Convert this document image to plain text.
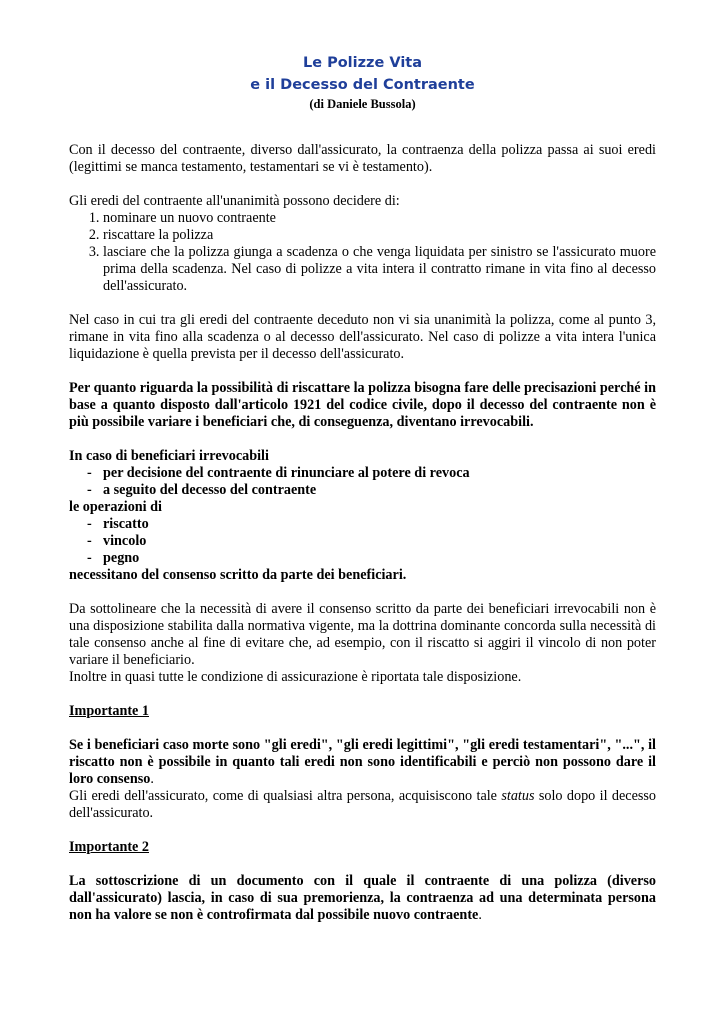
Le Polizze Vita
e il Decesso del Contraente
(di Daniele Bussola)

Con il decesso del contraente, diverso dall'assicurato, la contraenza della polizza passa ai suoi eredi (legittimi se manca testamento, testamentari se vi è testamento).

Gli eredi del contraente all'unanimità possono decidere di:

1. nominare un nuovo contraente
2. riscattare la polizza
3. lasciare che la polizza giunga a scadenza o che venga liquidata per sinistro se l'assicurato muore prima della scadenza. Nel caso di polizze a vita intera il contratto rimane in vita fino al decesso dell'assicurato.

Nel caso in cui tra gli eredi del contraente deceduto non vi sia unanimità la polizza, come al punto 3, rimane in vita fino alla scadenza o al decesso dell'assicurato. Nel caso di polizze a vita intera l'unica liquidazione è quella prevista per il decesso dell'assicurato.

Per quanto riguarda la possibilità di riscattare la polizza bisogna fare delle precisazioni perché in base a quanto disposto dall'articolo 1921 del codice civile, dopo il decesso del contraente non è più possibile variare i beneficiari che, di conseguenza, diventano irrevocabili.

In caso di beneficiari irrevocabili

- per decisione del contraente di rinunciare al potere di revoca
- a seguito del decesso del contraente

le operazioni di

- riscatto
- vincolo
- pegno

necessitano del consenso scritto da parte dei beneficiari.

Da sottolineare che la necessità di avere il consenso scritto da parte dei beneficiari irrevocabili non è una disposizione stabilita dalla normativa vigente, ma la dottrina dominante concorda sulla necessità di tale consenso anche al fine di evitare che, ad esempio, con il riscatto si aggiri il vincolo di non poter variare il beneficiario.

Inoltre in quasi tutte le condizione di assicurazione è riportata tale disposizione.

Importante 1

Se i beneficiari caso morte sono "gli eredi", "gli eredi legittimi", "gli eredi testamentari", "...", il riscatto non è possibile in quanto tali eredi non sono identificabili e perciò non possono dare il loro consenso.

Gli eredi dell'assicurato, come di qualsiasi altra persona, acquisiscono tale status solo dopo il decesso dell'assicurato.

Importante 2

La sottoscrizione di un documento con il quale il contraente di una polizza (diverso dall'assicurato) lascia, in caso di sua premorienza, la contraenza ad una determinata persona non ha valore se non è controfirmata dal possibile nuovo contraente.
